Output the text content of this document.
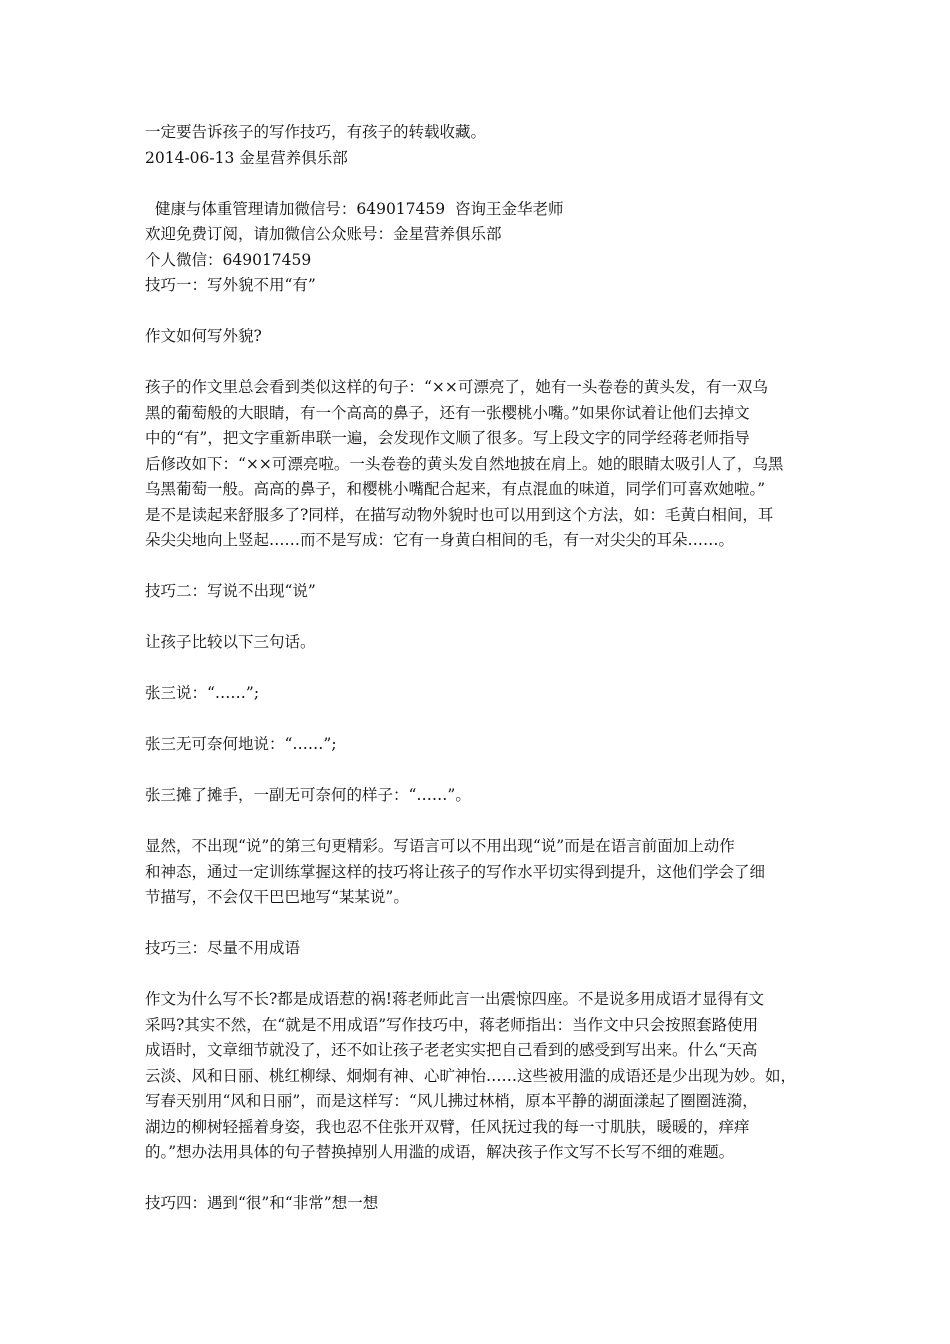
一定要告诉孩子的写作技巧，有孩子的转载收藏。
2014-06-13 金星营养俱乐部
健康与体重管理请加微信号：649017459  咨询王金华老师
欢迎免费订阅，请加微信公众账号：金星营养俱乐部
个人微信：649017459
技巧一：写外貌不用“有”

作文如何写外貌?

孩子的作文里总会看到类似这样的句子：“××可漂亮了，她有一头卷卷的黄头发，有一双乌
黑的葡萄般的大眼睛，有一个高高的鼻子，还有一张樱桃小嘴。”如果你试着让他们去掉文
中的“有”，把文字重新串联一遍，会发现作文顺了很多。写上段文字的同学经蒋老师指导
后修改如下：“××可漂亮啦。一头卷卷的黄头发自然地披在肩上。她的眼睛太吸引人了，乌黑
乌黑葡萄一般。高高的鼻子，和樱桃小嘴配合起来，有点混血的味道，同学们可喜欢她啦。”
是不是读起来舒服多了?同样，在描写动物外貌时也可以用到这个方法，如：毛黄白相间，耳
朵尖尖地向上竖起……而不是写成：它有一身黄白相间的毛，有一对尖尖的耳朵……。

技巧二：写说不出现“说”

让孩子比较以下三句话。

张三说：“……”;

张三无可奈何地说：“……”;

张三摊了摊手，一副无可奈何的样子：“……”。

显然，不出现“说”的第三句更精彩。写语言可以不用出现“说”而是在语言前面加上动作
和神态，通过一定训练掌握这样的技巧将让孩子的写作水平切实得到提升，这他们学会了细
节描写，不会仅干巴巴地写“某某说”。

技巧三：尽量不用成语

作文为什么写不长?都是成语惹的祸!蒋老师此言一出震惊四座。不是说多用成语才显得有文
采吗?其实不然，在“就是不用成语”写作技巧中，蒋老师指出：当作文中只会按照套路使用
成语时，文章细节就没了，还不如让孩子老老实实把自己看到的感受到写出来。什么“天高
云淡、风和日丽、桃红柳绿、炯炯有神、心旷神怡……这些被用滥的成语还是少出现为妙。如，
写春天别用“风和日丽”，而是这样写：“风儿拂过林梢，原本平静的湖面漾起了圈圈涟漪，
湖边的柳树轻摇着身姿，我也忍不住张开双臂，任风抚过我的每一寸肌肤，暖暖的，痒痒
的。”想办法用具体的句子替换掉别人用滥的成语，解决孩子作文写不长写不细的难题。

技巧四：遇到“很”和“非常”想一想
